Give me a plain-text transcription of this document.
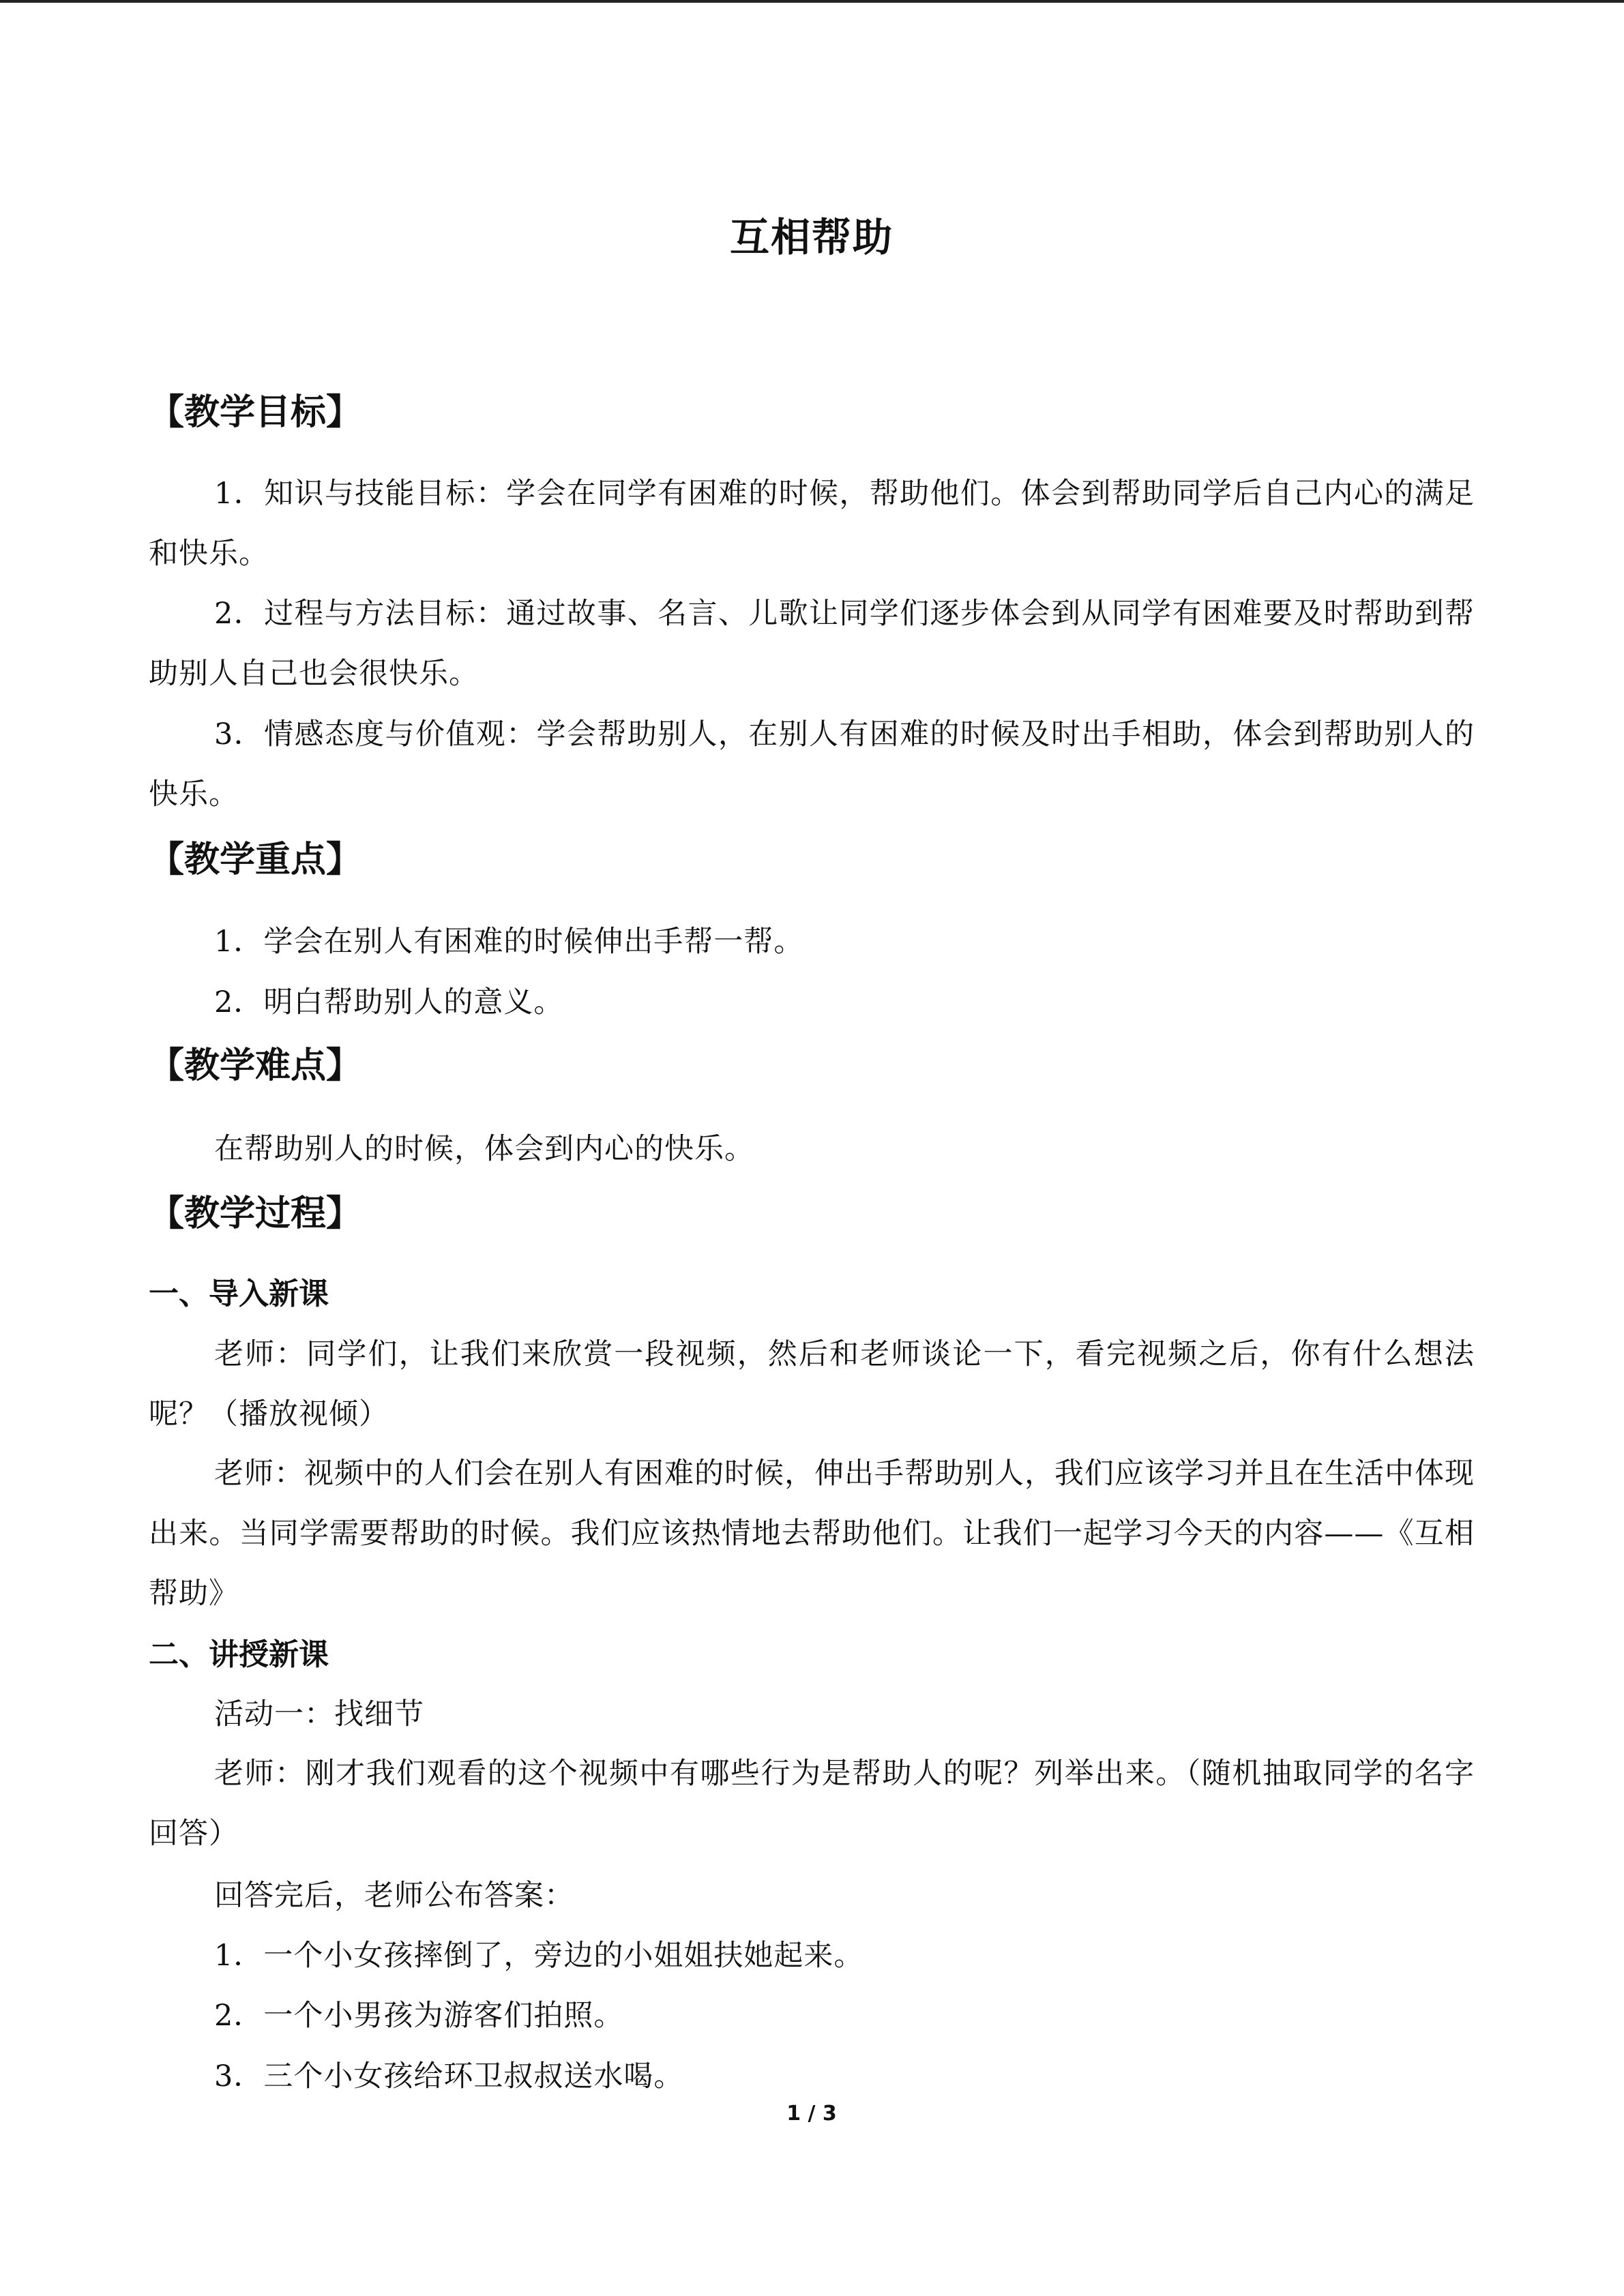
互相帮助
【教学目标】
1．知识与技能目标：学会在同学有困难的时候，帮助他们。体会到帮助同学后自己内心的满足和快乐。
2．过程与方法目标：通过故事、名言、儿歌让同学们逐步体会到从同学有困难要及时帮助到帮助别人自己也会很快乐。
3．情感态度与价值观：学会帮助别人，在别人有困难的时候及时出手相助，体会到帮助别人的快乐。
【教学重点】
1．学会在别人有困难的时候伸出手帮一帮。
2．明白帮助别人的意义。
【教学难点】
在帮助别人的时候，体会到内心的快乐。
【教学过程】
一、导入新课
老师：同学们，让我们来欣赏一段视频，然后和老师谈论一下，看完视频之后，你有什么想法呢？（播放视倾）
老师：视频中的人们会在别人有困难的时候，伸出手帮助别人，我们应该学习并且在生活中体现出来。当同学需要帮助的时候。我们应该热情地去帮助他们。让我们一起学习今天的内容——《互相帮助》
二、讲授新课
活动一：找细节
老师：刚才我们观看的这个视频中有哪些行为是帮助人的呢？列举出来。（随机抽取同学的名字回答）
回答完后，老师公布答案：
1．一个小女孩摔倒了，旁边的小姐姐扶她起来。
2．一个小男孩为游客们拍照。
3．三个小女孩给环卫叔叔送水喝。
1 / 3
